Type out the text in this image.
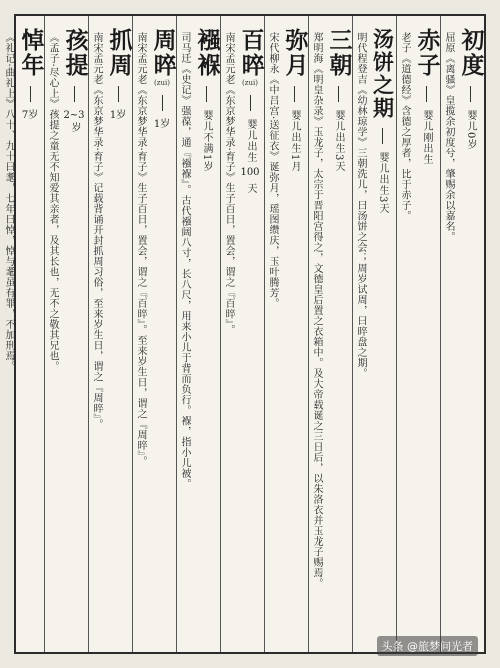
初度
婴儿0岁
屈原《离骚》皇揽余初度兮，肇赐余以嘉名。
赤子
婴儿刚出生
老子《道德经》含德之厚者，比于赤子。
汤饼之期
婴儿出生3天
明代程登吉《幼林琼学》三朝洗儿，曰汤饼之会；周岁试周，曰晬盘之期。
三朝
婴儿出生3天
郑明海《明皇杂录》玉龙子，太宗于晋阳宫得之，文德皇后置之衣箱中。及大帝载诞之三日后，以朱洛衣并玉龙子赐焉。
弥月
婴儿出生1月
宋代柳永《中吕宫·送征衣》诞弥月，瑶图缵庆，玉叶腾芳。
百晬
(zui)
婴儿出生
100
天
南宋孟元老《东京梦华录·育子》生子百日，置会，谓之『百晬』。
襁褓
婴儿不满1岁
司马迁《史记》强葆，通『襁褓』。古代襁阔八寸，长八尺，用来小儿于背而负行。褓，指小儿被。
周晬
(zui)
1岁
南宋孟元老《东京梦华录·育子》生子百日，置会，谓之『百晬』。至来岁生日，谓之『周晬』。
抓周
1岁
南宋孟元老《东京梦华录·育子》记载背诵开封抓周习俗，至来岁生日，谓之『周晬』。
孩提
2~3
岁
《孟子·尽心上》孩提之童无不知爱其亲者，及其长也，无不之敬其兄也。
悼年
7岁
《礼记·曲礼上》八十、九十曰耄，七年曰悼，悼与耄虽有罪，不加刑焉。
头条 @旅梦问光者
